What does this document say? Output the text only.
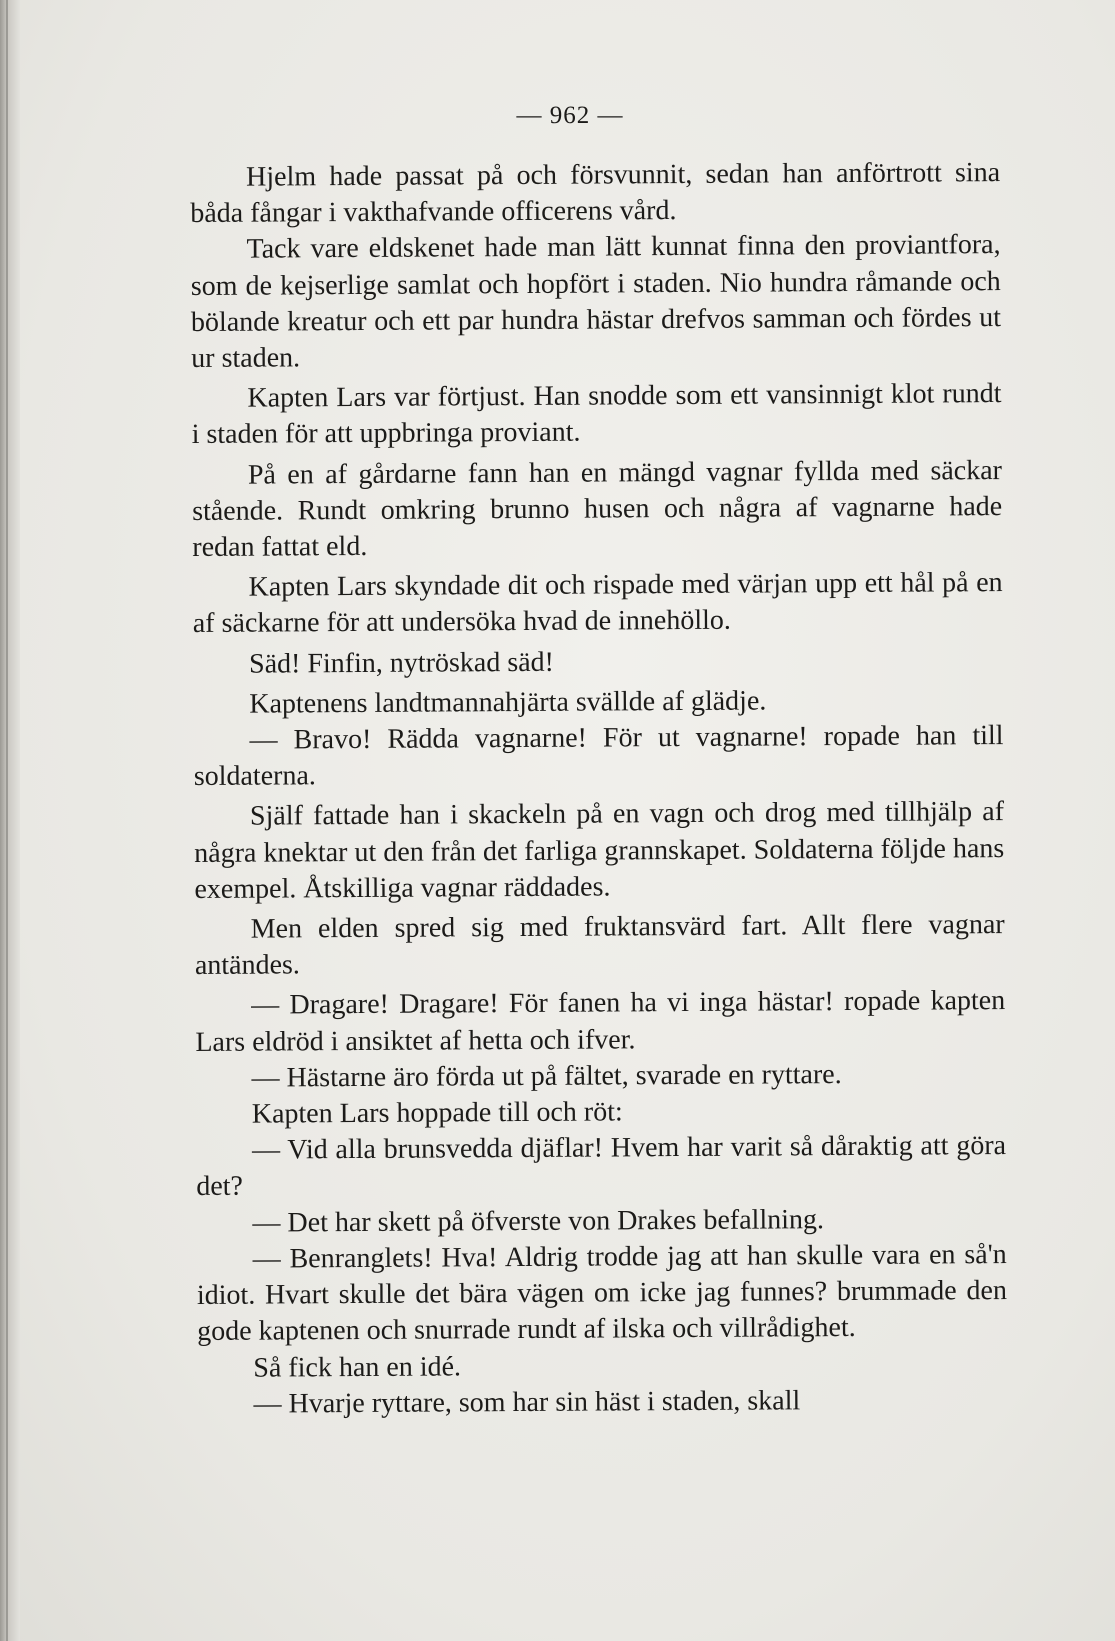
— 962 —

Hjelm hade passat på och försvunnit, sedan han anförtrott sina båda fångar i vakthafvande officerens vård.

Tack vare eldskenet hade man lätt kunnat finna den proviantfora, som de kejserlige samlat och hopfört i staden. Nio hundra råmande och bölande kreatur och ett par hundra hästar drefvos samman och fördes ut ur staden.

Kapten Lars var förtjust. Han snodde som ett vansinnigt klot rundt i staden för att uppbringa proviant.

På en af gårdarne fann han en mängd vagnar fyllda med säckar stående. Rundt omkring brunno husen och några af vagnarne hade redan fattat eld.

Kapten Lars skyndade dit och rispade med värjan upp ett hål på en af säckarne för att undersöka hvad de innehöllo.

Säd! Finfin, nytröskad säd!

Kaptenens landtmannahjärta svällde af glädje.

— Bravo! Rädda vagnarne! För ut vagnarne! ropade han till soldaterna.

Själf fattade han i skackeln på en vagn och drog med tillhjälp af några knektar ut den från det farliga grannskapet. Soldaterna följde hans exempel. Åtskilliga vagnar räddades.

Men elden spred sig med fruktansvärd fart. Allt flere vagnar antändes.

— Dragare! Dragare! För fanen ha vi inga hästar! ropade kapten Lars eldröd i ansiktet af hetta och ifver.

— Hästarne äro förda ut på fältet, svarade en ryttare.

Kapten Lars hoppade till och röt:

— Vid alla brunsvedda djäflar! Hvem har varit så dåraktig att göra det?

— Det har skett på öfverste von Drakes befallning.

— Benranglets! Hva! Aldrig trodde jag att han skulle vara en så'n idiot. Hvart skulle det bära vägen om icke jag funnes? brummade den gode kaptenen och snurrade rundt af ilska och villrådighet.

Så fick han en idé.

— Hvarje ryttare, som har sin häst i staden, skall
